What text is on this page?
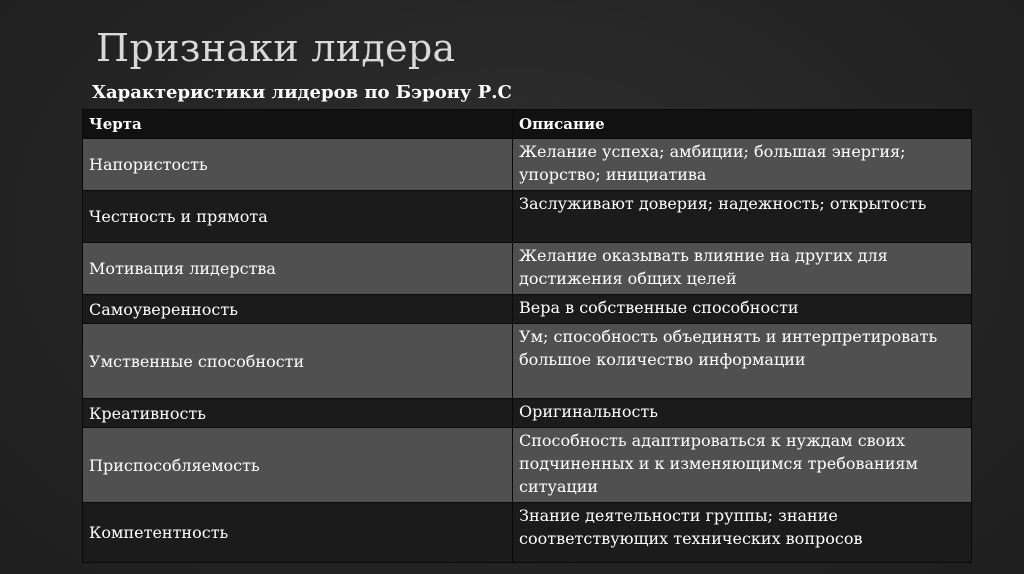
Признаки лидера
Характеристики лидеров по Бэрону Р.С
Черта	Описание
Напористость	Желание успеха; амбиции; большая энергия; упорство; инициатива
Честность и прямота	Заслуживают доверия; надежность; открытость
Мотивация лидерства	Желание оказывать влияние на других для достижения общих целей
Самоуверенность	Вера в собственные способности
Умственные способности	Ум; способность объединять и интерпретировать большое количество информации
Креативность	Оригинальность
Приспособляемость	Способность адаптироваться к нуждам своих подчиненных и к изменяющимся требованиям ситуации
Компетентность	Знание деятельности группы; знание соответствующих технических вопросов
